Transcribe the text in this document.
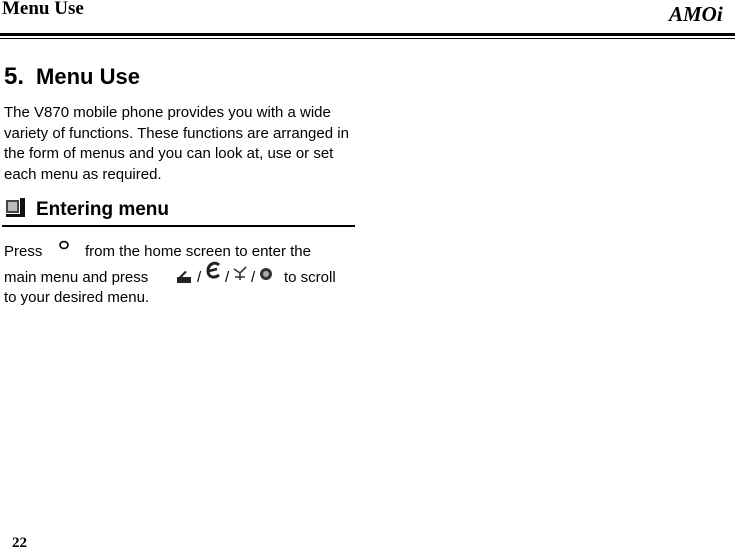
Menu Use	AMOi
5. Menu Use
The V870 mobile phone provides you with a wide variety of functions. These functions are arranged in the form of menus and you can look at, use or set each menu as required.
Entering menu
Press	from the home screen to enter the
main menu and press	/ / / to scroll
to your desired menu.
22
